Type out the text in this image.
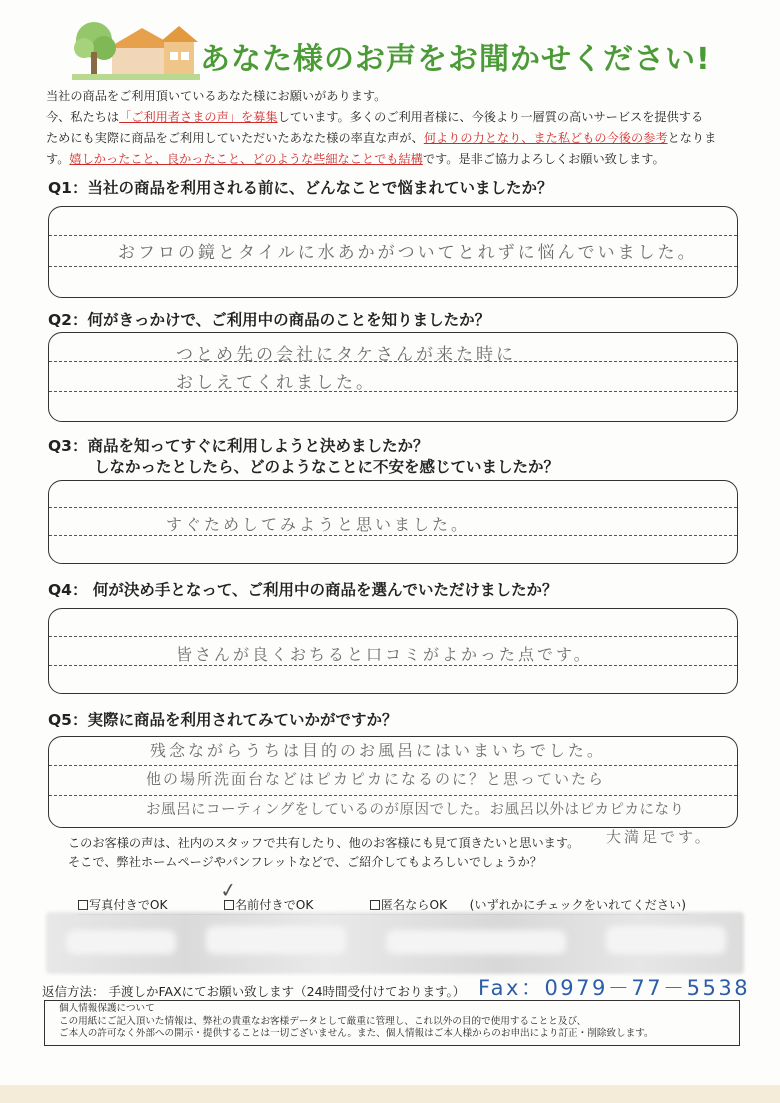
あなた様のお声をお聞かせください!
当社の商品をご利用頂いているあなた様にお願いがあります。
今、私たちは「ご利用者さまの声」を募集しています。多くのご利用者様に、今後より一層質の高いサービスを提供する
ためにも実際に商品をご利用していただいたあなた様の率直な声が、何よりの力となり、また私どもの今後の参考となりま
す。嬉しかったこと、良かったこと、どのような些細なことでも結構です。是非ご協力よろしくお願い致します。
Q1：当社の商品を利用される前に、どんなことで悩まれていましたか？
おフロの鏡とタイルに水あかがついてとれずに悩んでいました。
Q2：何がきっかけで、ご利用中の商品のことを知りましたか？
つとめ先の会社にタケさんが来た時に
おしえてくれました。
Q3：商品を知ってすぐに利用しようと決めましたか？
しなかったとしたら、どのようなことに不安を感じていましたか？
すぐためしてみようと思いました。
Q4： 何が決め手となって、ご利用中の商品を選んでいただけましたか？
皆さんが良くおちると口コミがよかった点です。
Q5：実際に商品を利用されてみていかがですか？
残念ながらうちは目的のお風呂にはいまいちでした。
他の場所洗面台などはピカピカになるのに？と思っていたら
お風呂にコーティングをしているのが原因でした。お風呂以外はピカピカになり
大満足です。
このお客様の声は、社内のスタッフで共有したり、他のお客様にも見て頂きたいと思います。
そこで、弊社ホームページやパンフレットなどで、ご紹介してもよろしいでしょうか？
✓
写真付きでOK	名前付きでOK	匿名ならOK (いずれかにチェックをいれてください)
返信方法： 手渡しかFAXにてお願い致します（24時間受付けております。） Fax：0979－77－5538
個人情報保護について
この用紙にご記入頂いた情報は、弊社の貴重なお客様データとして厳重に管理し、これ以外の目的で使用することと及び、
ご本人の許可なく外部への開示・提供することは一切ございません。また、個人情報はご本人様からのお申出により訂正・削除致します。
